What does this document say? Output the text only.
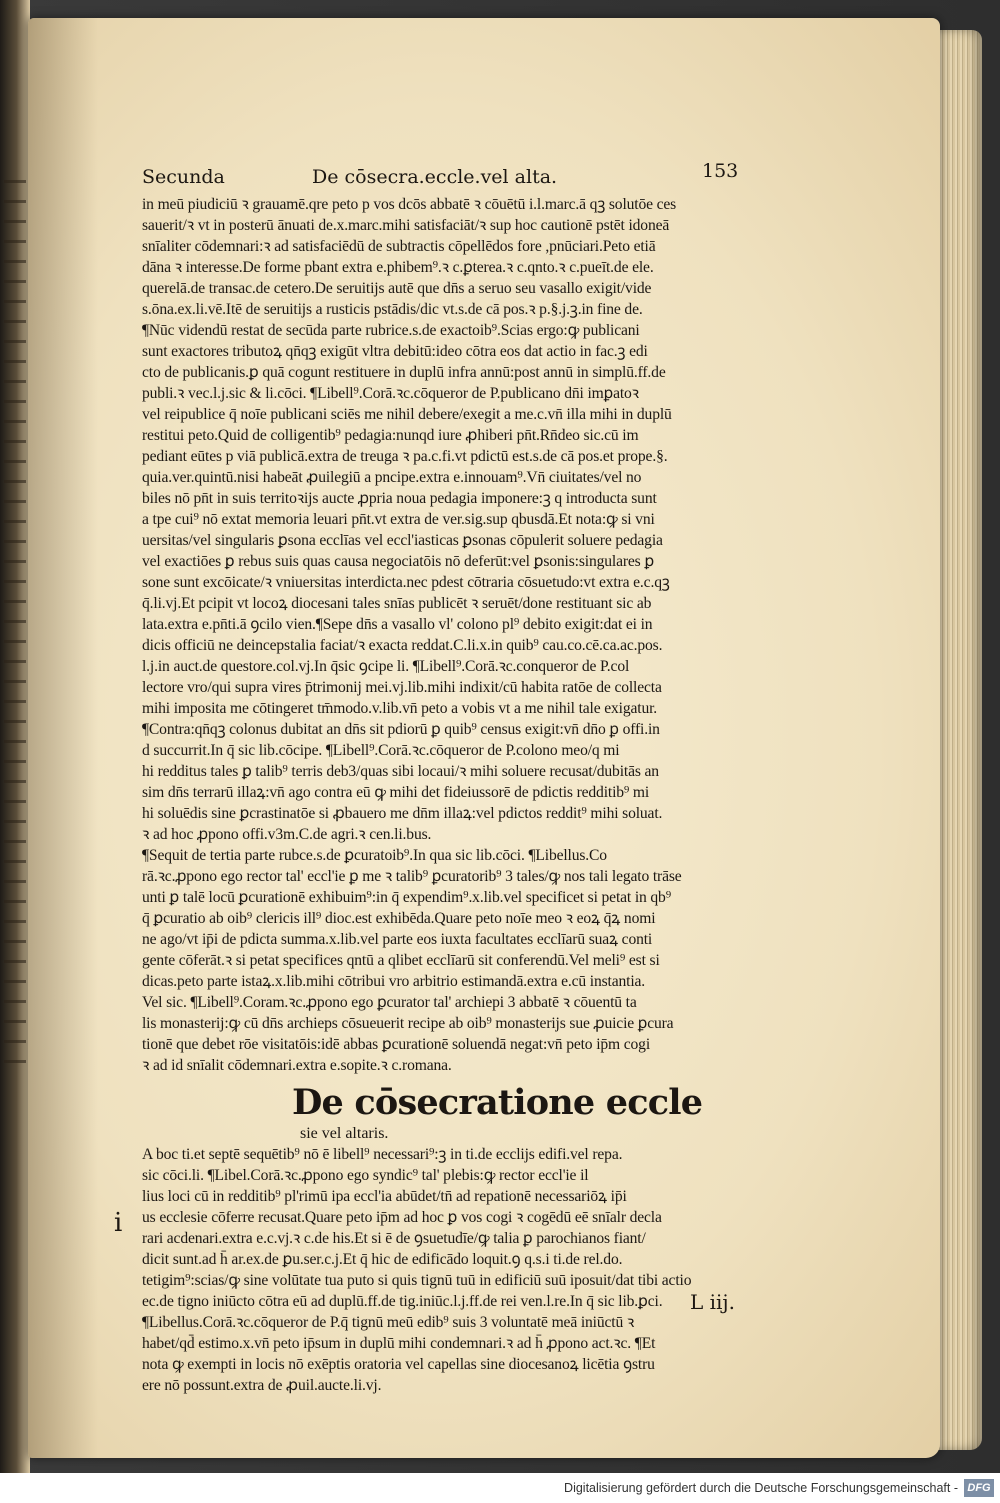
Secunda	De cōsecra.eccle.vel alta.	153
in meū piudiciū ꝛ grauamē.qre peto p vos dcōs abbatē ꝛ cōuētū i.l.marc.ā qꝫ solutōe ces
sauerit/ꝛ vt in posterū ānuati de.x.marc.mihi satisfaciāt/ꝛ sup hoc cautionē pstēt idoneā
snīaliter cōdemnari:ꝛ ad satisfaciēdū de subtractis cōpellēdos fore ,pnūciari.Peto etiā
dāna ꝛ interesse.De forme pbant extra e.phibem⁹.ꝛ c.ꝑterea.ꝛ c.qnto.ꝛ c.pueīt.de ele.
querelā.de transac.de cetero.De seruitijs autē que dn̄s a seruo seu vasallo exigit/vide
s.ōna.ex.li.vē.Itē de seruitijs a rusticis pstādis/dic vt.s.de cā pos.ꝛ p.§.j.ꝫ.in fine de.
¶Nūc videndū restat de secūda parte rubrice.s.de exactoib⁹.Scias ergo:ꝙ publicani
sunt exactores tributoꝝ qn̄qꝫ exigūt vltra debitū:ideo cōtra eos dat actio in fac.ꝫ edi
cto de publicanis.ꝑ quā cogunt restituere in duplū infra annū:post annū in simplū.ff.de
publi.ꝛ vec.l.j.sic & li.cōci. ¶Libell⁹.Corā.ꝛc.cōqueror de P.publicano dn̄i imꝑatoꝛ
vel reipublice q̄ noīe publicani sciēs me nihil debere/exegit a me.c.vn̄ illa mihi in duplū
restitui peto.Quid de colligentib⁹ pedagia:nunqd iure ꝓhiberi pn̄t.Rn̄deo sic.cū im
pediant eūtes p viā publicā.extra de treuga ꝛ pa.c.fi.vt pdictū est.s.de cā pos.et prope.§.
quia.ver.quintū.nisi habeāt ꝓuilegiū a pncipe.extra e.innouam⁹.Vn̄ ciuitates/vel no
biles nō pn̄t in suis territoꝛijs aucte ꝓpria noua pedagia imponere:ꝫ q introducta sunt
a tpe cui⁹ nō extat memoria leuari pn̄t.vt extra de ver.sig.sup qbusdā.Et nota:ꝙ si vni
uersitas/vel singularis ꝑsona ecclīas vel eccl'iasticas ꝑsonas cōpulerit soluere pedagia
vel exactiōes ꝑ rebus suis quas causa negociatōis nō deferūt:vel ꝑsonis:singulares ꝑ
sone sunt excōicate/ꝛ vniuersitas interdicta.nec pdest cōtraria cōsuetudo:vt extra e.c.qꝫ
q̄.li.vj.Et pcipit vt locoꝝ diocesani tales snīas publicēt ꝛ seruēt/done restituant sic ab
lata.extra e.pn̄ti.ā ꝯcilo vien.¶Sepe dn̄s a vasallo vl' colono pl⁹ debito exigit:dat ei in
dicis officiū ne deincepstalia faciat/ꝛ exacta reddat.C.li.x.in quib⁹ cau.co.cē.ca.ac.pos.
l.j.in auct.de questore.col.vj.In q̄sic ꝯcipe li. ¶Libell⁹.Corā.ꝛc.conqueror de P.col
lectore vro/qui supra vires p̄trimonij mei.vj.lib.mihi indixit/cū habita ratōe de collecta
mihi imposita me cōtingeret tm̄modo.v.lib.vn̄ peto a vobis vt a me nihil tale exigatur.
¶Contra:qn̄qꝫ colonus dubitat an dn̄s sit pdiorū ꝑ quib⁹ census exigit:vn̄ dn̄o ꝑ offi.in
d succurrit.In q̄ sic lib.cōcipe. ¶Libell⁹.Corā.ꝛc.cōqueror de P.colono meo/q mi
hi redditus tales ꝑ talib⁹ terris deb3/quas sibi locaui/ꝛ mihi soluere recusat/dubitās an
sim dn̄s terrarū illaꝝ:vn̄ ago contra eū ꝙ mihi det fideiussorē de pdictis redditib⁹ mi
hi soluēdis sine ꝑcrastinatōe si ꝓbauero me dn̄m illaꝝ:vel pdictos reddit⁹ mihi soluat.
ꝛ ad hoc ꝓpono offi.v3m.C.de agri.ꝛ cen.li.bus.
¶Sequit de tertia parte rubce.s.de ꝑcuratoib⁹.In qua sic lib.cōci. ¶Libellus.Co
rā.ꝛc.ꝓpono ego rector tal' eccl'ie ꝑ me ꝛ talib⁹ ꝑcuratorib⁹ 3 tales/ꝙ nos tali legato trāse
unti ꝑ talē locū ꝑcurationē exhibuim⁹:in q̄ expendim⁹.x.lib.vel specificet si petat in qb⁹
q̄ ꝑcuratio ab oib⁹ clericis ill⁹ dioc.est exhibēda.Quare peto noīe meo ꝛ eoꝝ q̄ꝝ nomi
ne ago/vt ip̄i de pdicta summa.x.lib.vel parte eos iuxta facultates ecclīarū suaꝝ conti
gente cōferāt.ꝛ si petat specifices qntū a qlibet ecclīarū sit conferendū.Vel meli⁹ est si
dicas.peto parte istaꝝ.x.lib.mihi cōtribui vro arbitrio estimandā.extra e.cū instantia.
Vel sic. ¶Libell⁹.Coram.ꝛc.ꝓpono ego ꝑcurator tal' archiepi 3 abbatē ꝛ cōuentū ta
lis monasterij:ꝙ cū dn̄s archieps cōsueuerit recipe ab oib⁹ monasterijs sue ꝓuicie ꝑcura
tionē que debet rōe visitatōis:idē abbas ꝑcurationē soluendā negat:vn̄ peto ip̄m cogi
ꝛ ad id snīalit cōdemnari.extra e.sopite.ꝛ c.romana.
De cōsecratione eccle
sie vel altaris.
A boc ti.et septē sequētib⁹ nō ē libell⁹ necessari⁹:ꝫ in ti.de ecclijs edifi.vel repa.
sic cōci.li. ¶Libel.Corā.ꝛc.ꝓpono ego syndic⁹ tal' plebis:ꝙ rector eccl'ie il
lius loci cū in redditib⁹ pl'rimū ipa eccl'ia abūdet/tn̄ ad repationē necessariōꝝ ip̄i
us ecclesie cōferre recusat.Quare peto ip̄m ad hoc ꝑ vos cogi ꝛ cogēdū eē snīalr decla
rari acdenari.extra e.c.vj.ꝛ c.de his.Et si ē de ꝯsuetudīe/ꝙ talia ꝑ parochianos fiant/
dicit sunt.ad h̄ ar.ex.de ꝑu.ser.c.j.Et q̄ hic de edificādo loquit.ꝯ q.s.i ti.de rel.do.
tetigim⁹:scias/ꝙ sine volūtate tua puto si quis tignū tuū in edificiū suū iposuit/dat tibi actio
ec.de tigno iniūcto cōtra eū ad duplū.ff.de tig.iniūc.l.j.ff.de rei ven.l.re.In q̄ sic lib.ꝑci.
¶Libellus.Corā.ꝛc.cōqueror de P.q̄ tignū meū edib⁹ suis 3 voluntatē meā iniūctū ꝛ
habet/qd̄ estimo.x.vn̄ peto ip̄sum in duplū mihi condemnari.ꝛ ad h̄ ꝓpono act.ꝛc. ¶Et
nota ꝙ exempti in locis nō exēptis oratoria vel capellas sine diocesanoꝝ licētia ꝯstru
ere nō possunt.extra de ꝓuil.aucte.li.vj.
i
L iij.
Digitalisierung gefördert durch die Deutsche Forschungsgemeinschaft - DFG
